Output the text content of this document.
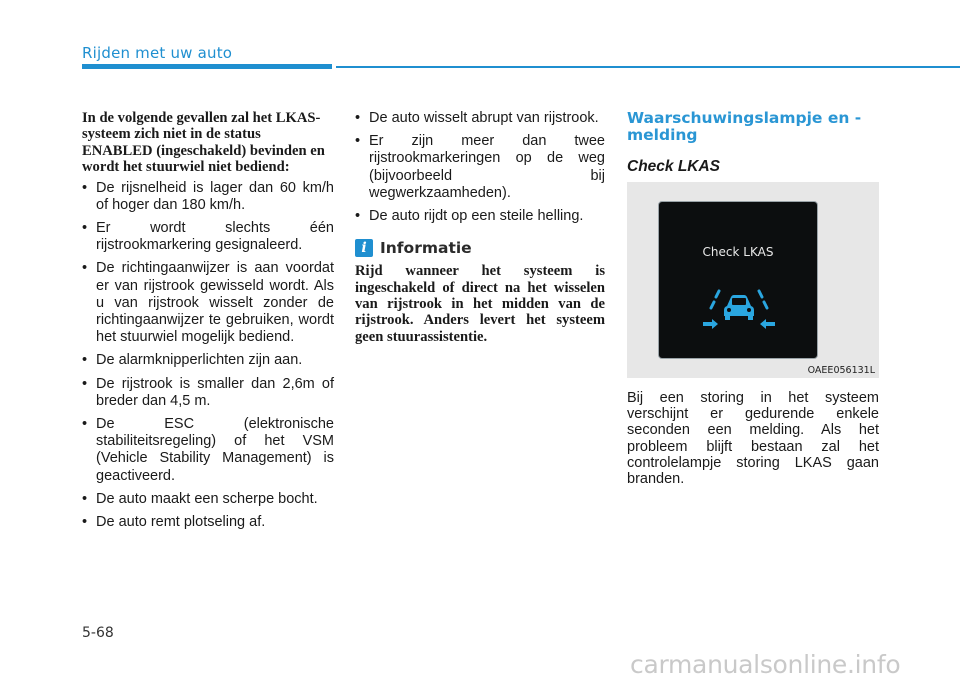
Rijden met uw auto

In de volgende gevallen zal het LKAS-systeem zich niet in de status ENABLED (ingeschakeld) bevinden en wordt het stuurwiel niet bediend:

• De rijsnelheid is lager dan 60 km/h of hoger dan 180 km/h.
• Er wordt slechts één rijstrookmarkering gesignaleerd.
• De richtingaanwijzer is aan voordat er van rijstrook gewisseld wordt. Als u van rijstrook wisselt zonder de richtingaanwijzer te gebruiken, wordt het stuurwiel mogelijk bediend.
• De alarmknipperlichten zijn aan.
• De rijstrook is smaller dan 2,6m of breder dan 4,5 m.
• De ESC (elektronische stabiliteitsregeling) of het VSM (Vehicle Stability Management) is geactiveerd.
• De auto maakt een scherpe bocht.
• De auto remt plotseling af.
• De auto wisselt abrupt van rijstrook.
• Er zijn meer dan twee rijstrookmarkeringen op de weg (bijvoorbeeld bij wegwerkzaamheden).
• De auto rijdt op een steile helling.
i Informatie

Rijd wanneer het systeem is ingeschakeld of direct na het wisselen van rijstrook in het midden van de rijstrook. Anders levert het systeem geen stuurassistentie.

Waarschuwingslampje en - melding
Check LKAS
Check LKAS
OAEE056131L
Bij een storing in het systeem verschijnt er gedurende enkele seconden een melding. Als het probleem blijft bestaan zal het controlelampje storing LKAS gaan branden.
5-68
carmanualsonline.info
